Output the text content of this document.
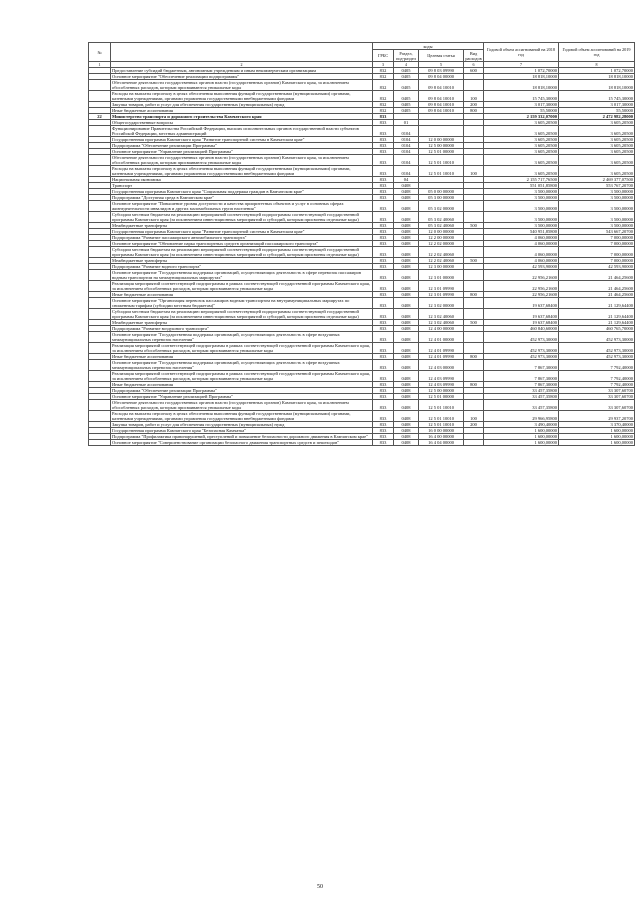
№		коды				Годовой объем ассигнований на 2018 год	Годовой объем ассигнований на 2019 год
		ГРБС	Раздел, под-раздел	Целевая статья	Вид расходов		
1	2	3	4	5	6	7	8
	Предоставление субсидий бюджетным, автономным учреждениям и иным некоммерческим организациям	832	0405	09 8 03 09990	600	1 072,70000	1 072,70000
	Основное мероприятие "Обеспечение реализации подпрограммы"	832	0405	09 8 04 00000		18 818,10000	18 818,10000
	Обеспечение деятельности государственных органов власти (государственных органов) Камчатского края, за исключением обособленных расходов, которым присваиваются уникальные коды	832	0405	09 8 04 10010		18 818,10000	18 818,10000
	Расходы на выплаты персоналу в целях обеспечения выполнения функций государственными (муниципальными) органами, казенными учреждениями, органами управления государственными внебюджетными фондами	832	0405	09 8 04 10010	100	15 745,30000	15 745,30000
	Закупка товаров, работ и услуг для обеспечения государственных (муниципальных) нужд	832	0405	09 8 04 10010	200	3 017,30000	3 017,30000
	Иные бюджетные ассигнования	832	0405	09 8 04 10010	800	55,50000	55,50000
22	Министерство транспорта и дорожного строительства Камчатского края	833				2 159 332,07000	2 472 982,28000
	Общегосударственные вопросы	833	01			3 605,20500	3 605,20500
	Функционирование Правительства Российской Федерации, высших исполнительных органов государственной власти субъектов Российской Федерации, местных администраций	833	0104			3 605,20500	3 605,20500
	Государственная программа Камчатского края "Развитие транспортной системы в Камчатском крае"	833	0104	12 0 00 00000		3 605,20500	3 605,20500
	Подпрограмма "Обеспечение реализации Программы"	833	0104	12 5 00 00000		3 605,20500	3 605,20500
	Основное мероприятие "Управление реализацией Программы"	833	0104	12 5 01 00000		3 605,20500	3 605,20500
	Обеспечение деятельности государственных органов власти (государственных органов) Камчатского края, за исключением обособленных расходов, которым присваиваются уникальные коды	833	0104	12 5 01 10010		3 605,20500	3 605,20500
	Расходы на выплаты персоналу в целях обеспечения выполнения функций государственными (муниципальными) органами, казенными учреждениями, органами управления государственными внебюджетными фондами	833	0104	12 5 01 10010	100	3 605,20500	3 605,20500
	Национальная экономика	833	04			2 155 717,76500	2 469 377,07500
	Транспорт	833	0408			551 051,85800	553 767,20700
	Государственная программа Камчатского края "Социальная поддержка граждан в Камчатском крае"	833	0408	05 0 00 00000		3 500,00000	3 500,00000
	Подпрограмма "Доступная среда в Камчатском крае"	833	0408	05 3 00 00000		3 500,00000	3 500,00000
	Основное мероприятие "Повышение уровня доступности и качества приоритетных объектов и услуг в основных сферах жизнедеятельности инвалидов и других маломобильных групп населения"	833	0408	05 3 02 00000		3 500,00000	3 500,00000
	Субсидии местным бюджетам на реализацию мероприятий соответствующей подпрограммы соответствующей государственной программы Камчатского края (за исключением инвестиционных мероприятий и субсидий, которым присвоены отдельные коды)	833	0408	05 3 02 40060		3 500,00000	3 500,00000
	Межбюджетные трансферты	833	0408	05 3 02 40060	500	3 500,00000	3 500,00000
	Государственная программа Камчатского края "Развитие транспортной системы в Камчатском крае"	833	0408	12 0 00 00000		540 951,85800	543 667,20700
	Подпрограмма "Развитие пассажирского автомобильного транспорта"	833	0408	12 2 00 00000		4 060,00000	7 000,00000
	Основное мероприятие "Обновление парка транспортных средств организаций пассажирского транспорта"	833	0408	12 2 02 00000		4 060,00000	7 000,00000
	Субсидии местным бюджетам на реализацию мероприятий соответствующей подпрограммы соответствующей государственной программы Камчатского края (за исключением инвестиционных мероприятий и субсидий, которым присвоены отдельные коды)	833	0408	12 2 02 40060		4 060,00000	7 000,00000
	Межбюджетные трансферты	833	0408	12 2 02 40060	500	4 060,00000	7 000,00000
	Подпрограмма "Развитие водного транспорта"	833	0408	12 3 00 00000		42 593,90000	42 593,90000
	Основное мероприятие "Государственная поддержка организаций, осуществляющих деятельность в сфере перевозок пассажиров водным транспортом на межмуниципальных маршрутах"	833	0408	12 3 01 00000		22 956,21600	21 464,25600
	Реализация мероприятий соответствующей подпрограммы в рамках соответствующей государственной программы Камчатского края, за исключением обособленных расходов, которым присваиваются уникальные коды	833	0408	12 3 01 09990		22 956,21600	21 464,25600
	Иные бюджетные ассигнования	833	0408	12 3 01 09990	800	22 956,21600	21 464,25600
	Основное мероприятие "Организация перевозок пассажиров водным транспортом на внутримуниципальных маршрутах по сниженным тарифам (субсидии местным бюджетам)"	833	0408	12 3 02 00000		19 637,68400	21 129,64400
	Субсидии местным бюджетам на реализацию мероприятий соответствующей подпрограммы соответствующей государственной программы Камчатского края (за исключением инвестиционных мероприятий и субсидий, которым присвоены отдельные коды)	833	0408	12 3 02 40060		19 637,68400	21 129,64400
	Межбюджетные трансферты	833	0408	12 3 02 40060	500	19 637,68400	21 129,64400
	Подпрограмма "Развитие воздушного транспорта"	833	0408	12 4 00 00000		460 840,60000	460 765,70000
	Основное мероприятие "Государственная поддержка организаций, осуществляющих деятельность в сфере воздушных межмуниципальных перевозок населения"	833	0408	12 4 01 00000		452 973,30000	452 973,30000
	Реализация мероприятий соответствующей подпрограммы в рамках соответствующей государственной программы Камчатского края, за исключением обособленных расходов, которым присваиваются уникальные коды	833	0408	12 4 01 09990		452 973,30000	452 973,30000
	Иные бюджетные ассигнования	833	0408	12 4 01 09990	800	452 973,30000	452 973,30000
	Основное мероприятие "Государственная поддержка организаций, осуществляющих деятельность в сфере воздушных межмуниципальных перевозок населения"	833	0408	12 4 03 00000		7 867,30000	7 792,40000
	Реализация мероприятий соответствующей подпрограммы в рамках соответствующей государственной программы Камчатского края, за исключением обособленных расходов, которым присваиваются уникальные коды	833	0408	12 4 03 09990		7 867,30000	7 792,40000
	Иные бюджетные ассигнования	833	0408	12 4 03 09990	800	7 867,30000	7 792,40000
	Подпрограмма "Обеспечение реализации Программы"	833	0408	12 5 00 00000		33 457,35800	33 307,60700
	Основное мероприятие "Управление реализацией Программы"	833	0408	12 5 01 00000		33 457,35800	33 307,60700
	Обеспечение деятельности государственных органов власти (государственных органов) Камчатского края, за исключением обособленных расходов, которым присваиваются уникальные коды	833	0408	12 5 01 10010		33 457,35800	33 307,60700
	Расходы на выплаты персоналу в целях обеспечения выполнения функций государственными (муниципальными) органами, казенными учреждениями, органами управления государственными внебюджетными фондами	833	0408	12 5 01 10010	100	29 966,95800	29 937,20700
	Закупка товаров, работ и услуг для обеспечения государственных (муниципальных) нужд	833	0408	12 5 01 10010	200	3 490,40000	3 370,40000
	Государственная программа Камчатского края "Безопасная Камчатка"	833	0408	16 0 00 00000		1 600,00000	1 600,00000
	Подпрограмма "Профилактика правонарушений, преступлений и повышение безопасности дорожного движения в Камчатском крае"	833	0408	16 4 00 00000		1 600,00000	1 600,00000
	Основное мероприятие "Совершенствование организации безопасного движения транспортных средств и пешеходов"	833	0408	16 4 04 00000		1 600,00000	1 600,00000
50
